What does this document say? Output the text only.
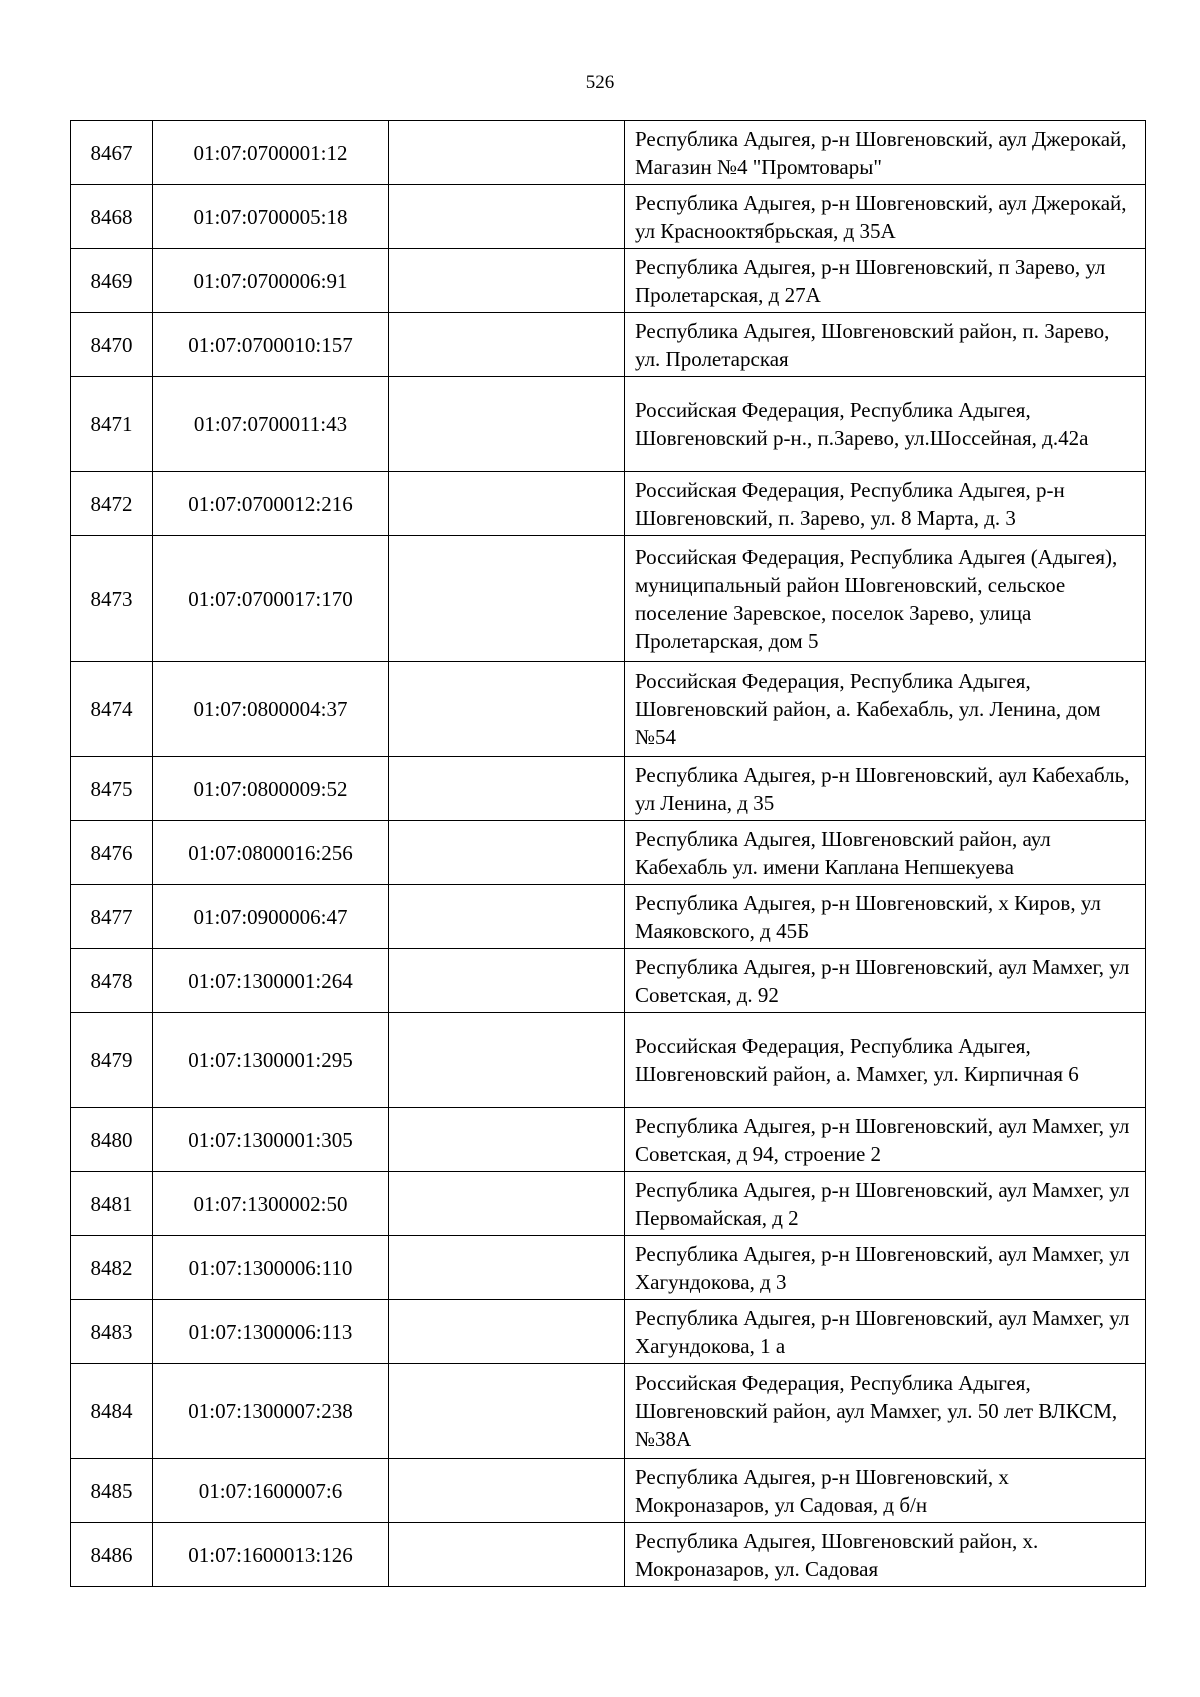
526
8467	01:07:0700001:12		Республика Адыгея, р-н Шовгеновский, аул Джерокай, Магазин №4 "Промтовары"
8468	01:07:0700005:18		Республика Адыгея, р-н Шовгеновский, аул Джерокай, ул Краснооктябрьская, д 35А
8469	01:07:0700006:91		Республика Адыгея, р-н Шовгеновский, п Зарево, ул Пролетарская, д 27А
8470	01:07:0700010:157		Республика Адыгея, Шовгеновский район, п. Зарево, ул. Пролетарская
8471	01:07:0700011:43		Российская Федерация, Республика Адыгея, Шовгеновский р-н., п.Зарево, ул.Шоссейная, д.42а
8472	01:07:0700012:216		Российская Федерация, Республика Адыгея, р-н Шовгеновский, п. Зарево, ул. 8 Марта, д. 3
8473	01:07:0700017:170		Российская Федерация, Республика Адыгея (Адыгея), муниципальный район Шовгеновский, сельское поселение Заревское, поселок Зарево, улица Пролетарская, дом 5
8474	01:07:0800004:37		Российская Федерация, Республика Адыгея, Шовгеновский район, а. Кабехабль, ул. Ленина, дом №54
8475	01:07:0800009:52		Республика Адыгея, р-н Шовгеновский, аул Кабехабль, ул Ленина, д 35
8476	01:07:0800016:256		Республика Адыгея, Шовгеновский район, аул Кабехабль ул. имени Каплана Непшекуева
8477	01:07:0900006:47		Республика Адыгея, р-н Шовгеновский, х Киров, ул Маяковского, д 45Б
8478	01:07:1300001:264		Республика Адыгея, р-н Шовгеновский, аул Мамхег, ул Советская, д. 92
8479	01:07:1300001:295		Российская Федерация, Республика Адыгея, Шовгеновский район, а. Мамхег, ул. Кирпичная 6
8480	01:07:1300001:305		Республика Адыгея, р-н Шовгеновский, аул Мамхег, ул Советская, д 94, строение 2
8481	01:07:1300002:50		Республика Адыгея, р-н Шовгеновский, аул Мамхег, ул Первомайская, д 2
8482	01:07:1300006:110		Республика Адыгея, р-н Шовгеновский, аул Мамхег, ул Хагундокова, д 3
8483	01:07:1300006:113		Республика Адыгея, р-н Шовгеновский, аул Мамхег, ул Хагундокова, 1 а
8484	01:07:1300007:238		Российская Федерация, Республика Адыгея, Шовгеновский район, аул Мамхег, ул. 50 лет ВЛКСМ, №38А
8485	01:07:1600007:6		Республика Адыгея, р-н Шовгеновский, х Мокроназаров, ул Садовая, д б/н
8486	01:07:1600013:126		Республика Адыгея, Шовгеновский район, х. Мокроназаров, ул. Садовая
